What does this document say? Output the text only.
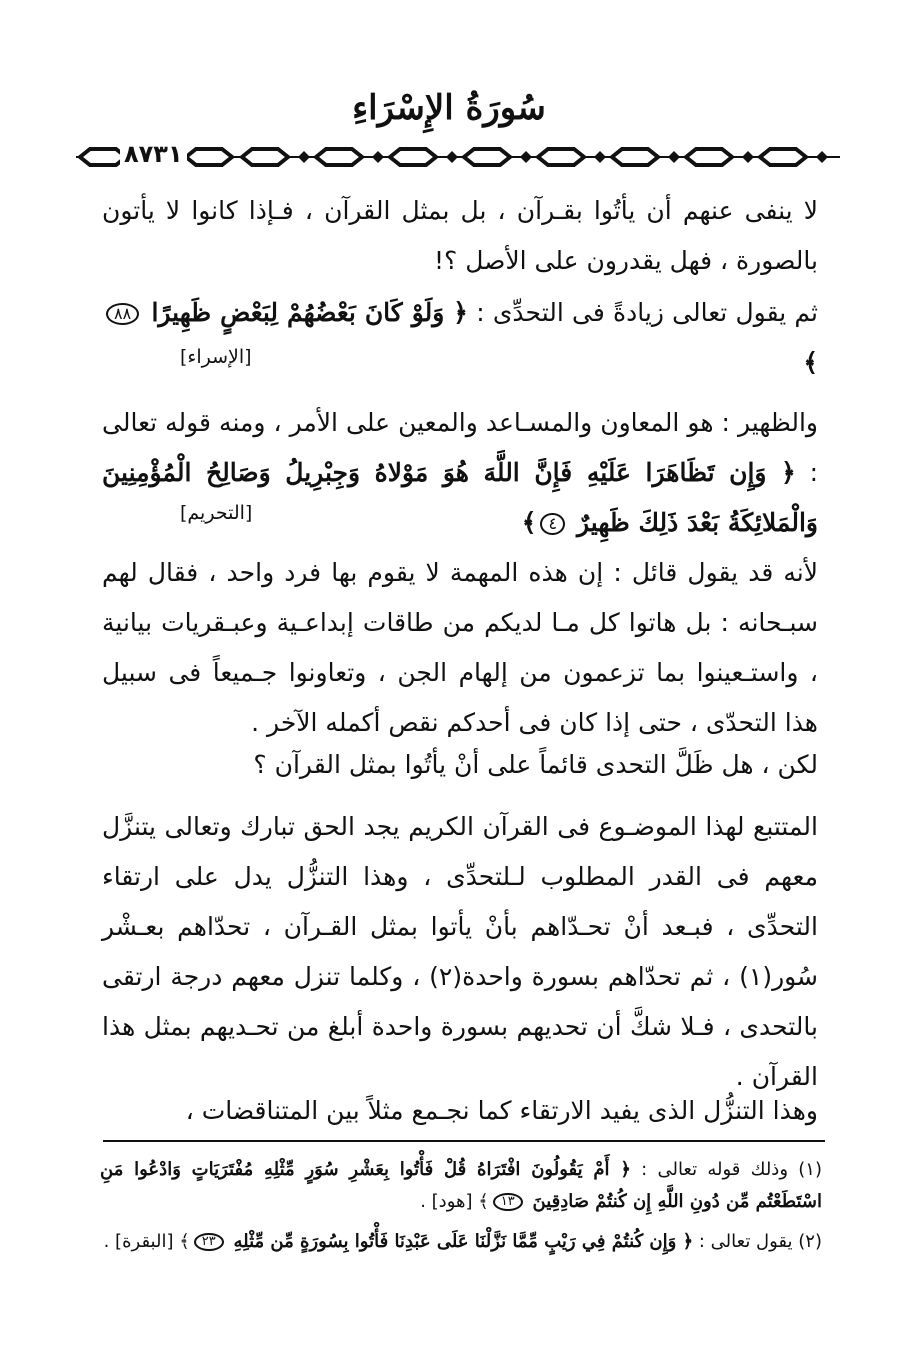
سُورَةُ الإِسْرَاءِ
٨٧٣١
لا ينفى عنهم أن يأتُوا بقـرآن ، بل بمثل القرآن ، فـإذا كانوا لا يأتون بالصورة ، فهل يقدرون على الأصل ؟!
ثم يقول تعالى زيادةً فى التحدِّى : ﴿ وَلَوْ كَانَ بَعْضُهُمْ لِبَعْضٍ ظَهِيرًا ٨٨﴾
[الإسراء]
والظهير : هو المعاون والمسـاعد والمعين على الأمر ، ومنه قوله تعالى : ﴿ وَإِن تَظَاهَرَا عَلَيْهِ فَإِنَّ اللَّهَ هُوَ مَوْلاهُ وَجِبْرِيلُ وَصَالِحُ الْمُؤْمِنِينَ وَالْمَلائِكَةُ بَعْدَ ذَلِكَ ظَهِيرٌ ٤﴾
[التحريم]
لأنه قد يقول قائل : إن هذه المهمة لا يقوم بها فرد واحد ، فقال لهم سبـحانه : بل هاتوا كل مـا لديكم من طاقات إبداعـية وعبـقريات بيانية ، واستـعينوا بما تزعمون من إلهام الجن ، وتعاونوا جـميعاً فى سبيل هذا التحدّى ، حتى إذا كان فى أحدكم نقص أكمله الآخر .
لكن ، هل ظَلَّ التحدى قائماً على أنْ يأتُوا بمثل القرآن ؟
المتتبع لهذا الموضـوع فى القرآن الكريم يجد الحق تبارك وتعالى يتنزَّل معهم فى القدر المطلوب لـلتحدِّى ، وهذا التنزُّل يدل على ارتقاء التحدِّى ، فبـعد أنْ تحـدّاهم بأنْ يأتوا بمثل القـرآن ، تحدّاهم بعـشْر سُور(١) ، ثم تحدّاهم بسورة واحدة(٢) ، وكلما تنزل معهم درجة ارتقى بالتحدى ، فـلا شكَّ أن تحديهم بسورة واحدة أبلغ من تحـديهم بمثل هذا القرآن .
وهذا التنزُّل الذى يفيد الارتقاء كما نجـمع مثلاً بين المتناقضات ،
(١) وذلك قوله تعالى : ﴿ أَمْ يَقُولُونَ افْتَرَاهُ قُلْ فَأْتُوا بِعَشْرِ سُوَرٍ مِّثْلِهِ مُفْتَرَيَاتٍ وَادْعُوا مَنِ اسْتَطَعْتُم مِّن دُونِ اللَّهِ إِن كُنتُمْ صَادِقِينَ ١٣﴾ [هود] .
(٢) يقول تعالى : ﴿ وَإِن كُنتُمْ فِي رَيْبٍ مِّمَّا نَزَّلْنَا عَلَى عَبْدِنَا فَأْتُوا بِسُورَةٍ مِّن مِّثْلِهِ ٢٣﴾ [البقرة] .
